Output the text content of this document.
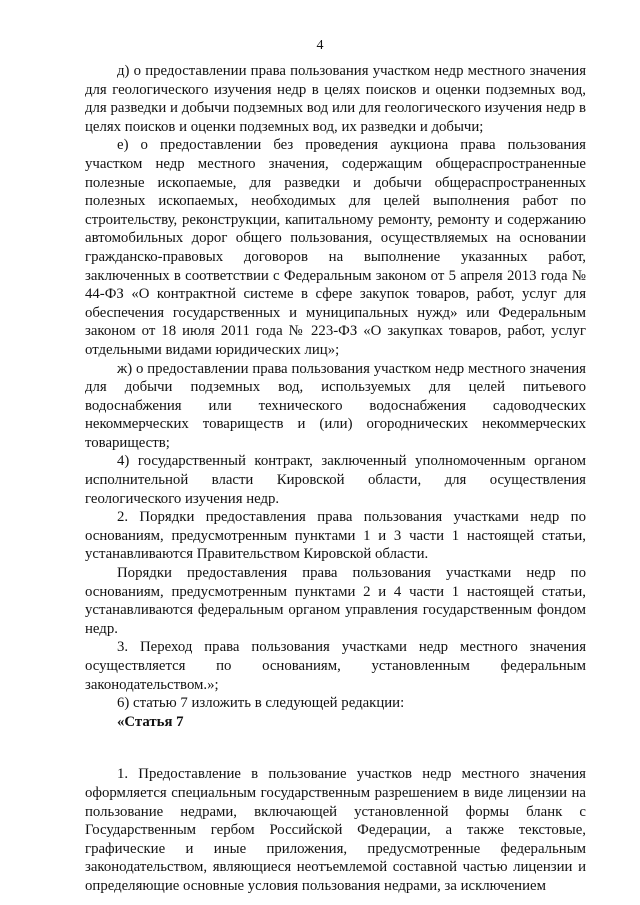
4

д) о предоставлении права пользования участком недр местного значения для геологического изучения недр в целях поисков и оценки подземных вод, для разведки и добычи подземных вод или для геологического изучения недр в целях поисков и оценки подземных вод, их разведки и добычи;

е) о предоставлении без проведения аукциона права пользования участком недр местного значения, содержащим общераспространенные полезные ископаемые, для разведки и добычи общераспространенных полезных ископаемых, необходимых для целей выполнения работ по строительству, реконструкции, капитальному ремонту, ремонту и содержанию автомобильных дорог общего пользования, осуществляемых на основании гражданско-правовых договоров на выполнение указанных работ, заключенных в соответствии с Федеральным законом от 5 апреля 2013 года № 44-ФЗ «О контрактной системе в сфере закупок товаров, работ, услуг для обеспечения государственных и муниципальных нужд» или Федеральным законом от 18 июля 2011 года № 223-ФЗ «О закупках товаров, работ, услуг отдельными видами юридических лиц»;

ж) о предоставлении права пользования участком недр местного значения для добычи подземных вод, используемых для целей питьевого водоснабжения или технического водоснабжения садоводческих некоммерческих товариществ и (или) огороднических некоммерческих товариществ;

4) государственный контракт, заключенный уполномоченным органом исполнительной власти Кировской области, для осуществления геологического изучения недр.

2. Порядки предоставления права пользования участками недр по основаниям, предусмотренным пунктами 1 и 3 части 1 настоящей статьи, устанавливаются Правительством Кировской области.

Порядки предоставления права пользования участками недр по основаниям, предусмотренным пунктами 2 и 4 части 1 настоящей статьи, устанавливаются федеральным органом управления государственным фондом недр.

3. Переход права пользования участками недр местного значения осуществляется по основаниям, установленным федеральным законодательством.»;

6) статью 7 изложить в следующей редакции:

«Статья 7

1. Предоставление в пользование участков недр местного значения оформляется специальным государственным разрешением в виде лицензии на пользование недрами, включающей установленной формы бланк с Государственным гербом Российской Федерации, а также текстовые, графические и иные приложения, предусмотренные федеральным законодательством, являющиеся неотъемлемой составной частью лицензии и определяющие основные условия пользования недрами, за исключением
